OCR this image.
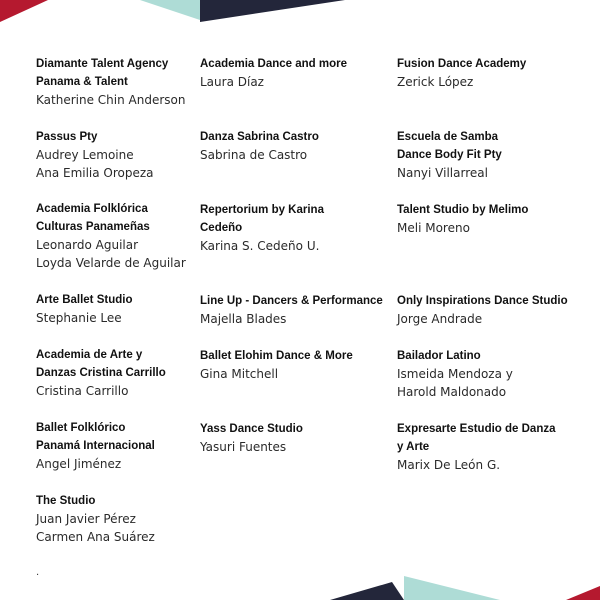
Diamante Talent Agency
Panama & Talent
Katherine Chin Anderson
Passus Pty
Audrey Lemoine
Ana Emilia Oropeza
Academia Folklórica
Culturas Panameñas
Leonardo Aguilar
Loyda Velarde de Aguilar
Arte Ballet Studio
Stephanie Lee
Academia de Arte y
Danzas Cristina Carrillo
Cristina Carrillo
Ballet Folklórico
Panamá Internacional
Angel Jiménez
The Studio
Juan Javier Pérez
Carmen Ana Suárez
Academia Dance and more
Laura Díaz
Danza Sabrina Castro
Sabrina de Castro
Repertorium by Karina
Cedeño
Karina S. Cedeño U.
Line Up - Dancers & Performance
Majella Blades
Ballet Elohim Dance & More
Gina Mitchell
Yass Dance Studio
Yasuri Fuentes
Fusion Dance Academy
Zerick López
Escuela de Samba
Dance Body Fit Pty
Nanyi Villarreal
Talent Studio by Melimo
Meli Moreno
Only Inspirations Dance Studio
Jorge Andrade
Bailador Latino
Ismeida Mendoza y
Harold Maldonado
Expresarte Estudio de Danza
y Arte
Marix De León G.
.
